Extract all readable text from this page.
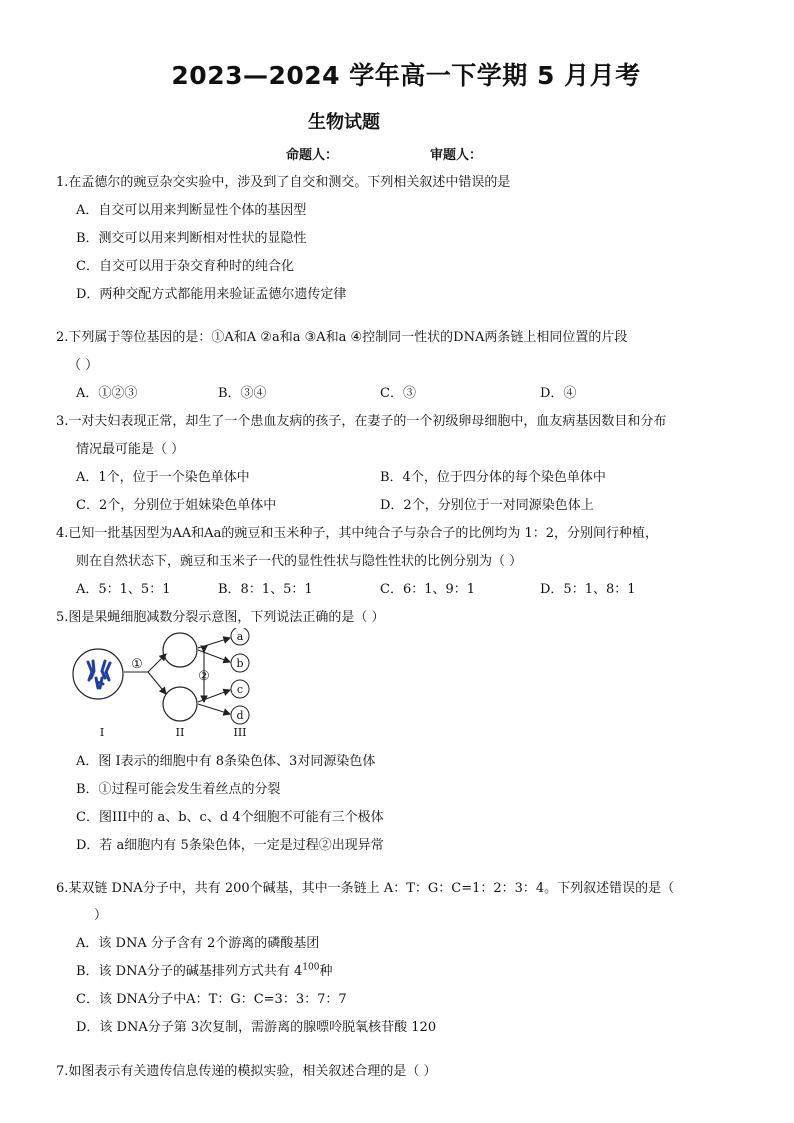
2023—2024 学年高一下学期 5 月月考
生物试题
命题人：	审题人：
1.在孟德尔的豌豆杂交实验中，涉及到了自交和测交。下列相关叙述中错误的是
A．自交可以用来判断显性个体的基因型
B．测交可以用来判断相对性状的显隐性
C．自交可以用于杂交育种时的纯合化
D．两种交配方式都能用来验证孟德尔遗传定律
2.下列属于等位基因的是：①A和A ②a和a ③A和a ④控制同一性状的DNA两条链上相同位置的片段
（ ）
A．①②③	B．③④	C．③	D．④
3.一对夫妇表现正常，却生了一个患血友病的孩子，在妻子的一个初级卵母细胞中，血友病基因数目和分布
情况最可能是（ ）
A．1个，位于一个染色单体中	B．4个，位于四分体的每个染色单体中
C．2个，分别位于姐妹染色单体中	D．2个，分别位于一对同源染色体上
4.已知一批基因型为AA和Aa的豌豆和玉米种子，其中纯合子与杂合子的比例均为 1：2，分别间行种植，
则在自然状态下，豌豆和玉米子一代的显性性状与隐性性状的比例分别为（ ）
A．5：1、5：1	B．8：1、5：1	C．6：1、9：1	D．5：1、8：1
5.图是果蝇细胞减数分裂示意图，下列说法正确的是（ ）
a
b
c
d
①
②
I	II	III
A．图 I表示的细胞中有 8条染色体、3对同源染色体
B．①过程可能会发生着丝点的分裂
C．图III中的 a、b、c、d 4个细胞不可能有三个极体
D．若 a细胞内有 5条染色体，一定是过程②出现异常
6.某双链 DNA分子中，共有 200个碱基，其中一条链上 A：T：G：C=1：2：3：4。下列叙述错误的是（
）
A．该 DNA 分子含有 2个游离的磷酸基团
B．该 DNA分子的碱基排列方式共有 $4^{100}$种
C．该 DNA分子中A：T：G：C=3：3：7：7
D．该 DNA分子第 3次复制，需游离的腺嘌呤脱氧核苷酸 120
7.如图表示有关遗传信息传递的模拟实验，相关叙述合理的是（ ）
